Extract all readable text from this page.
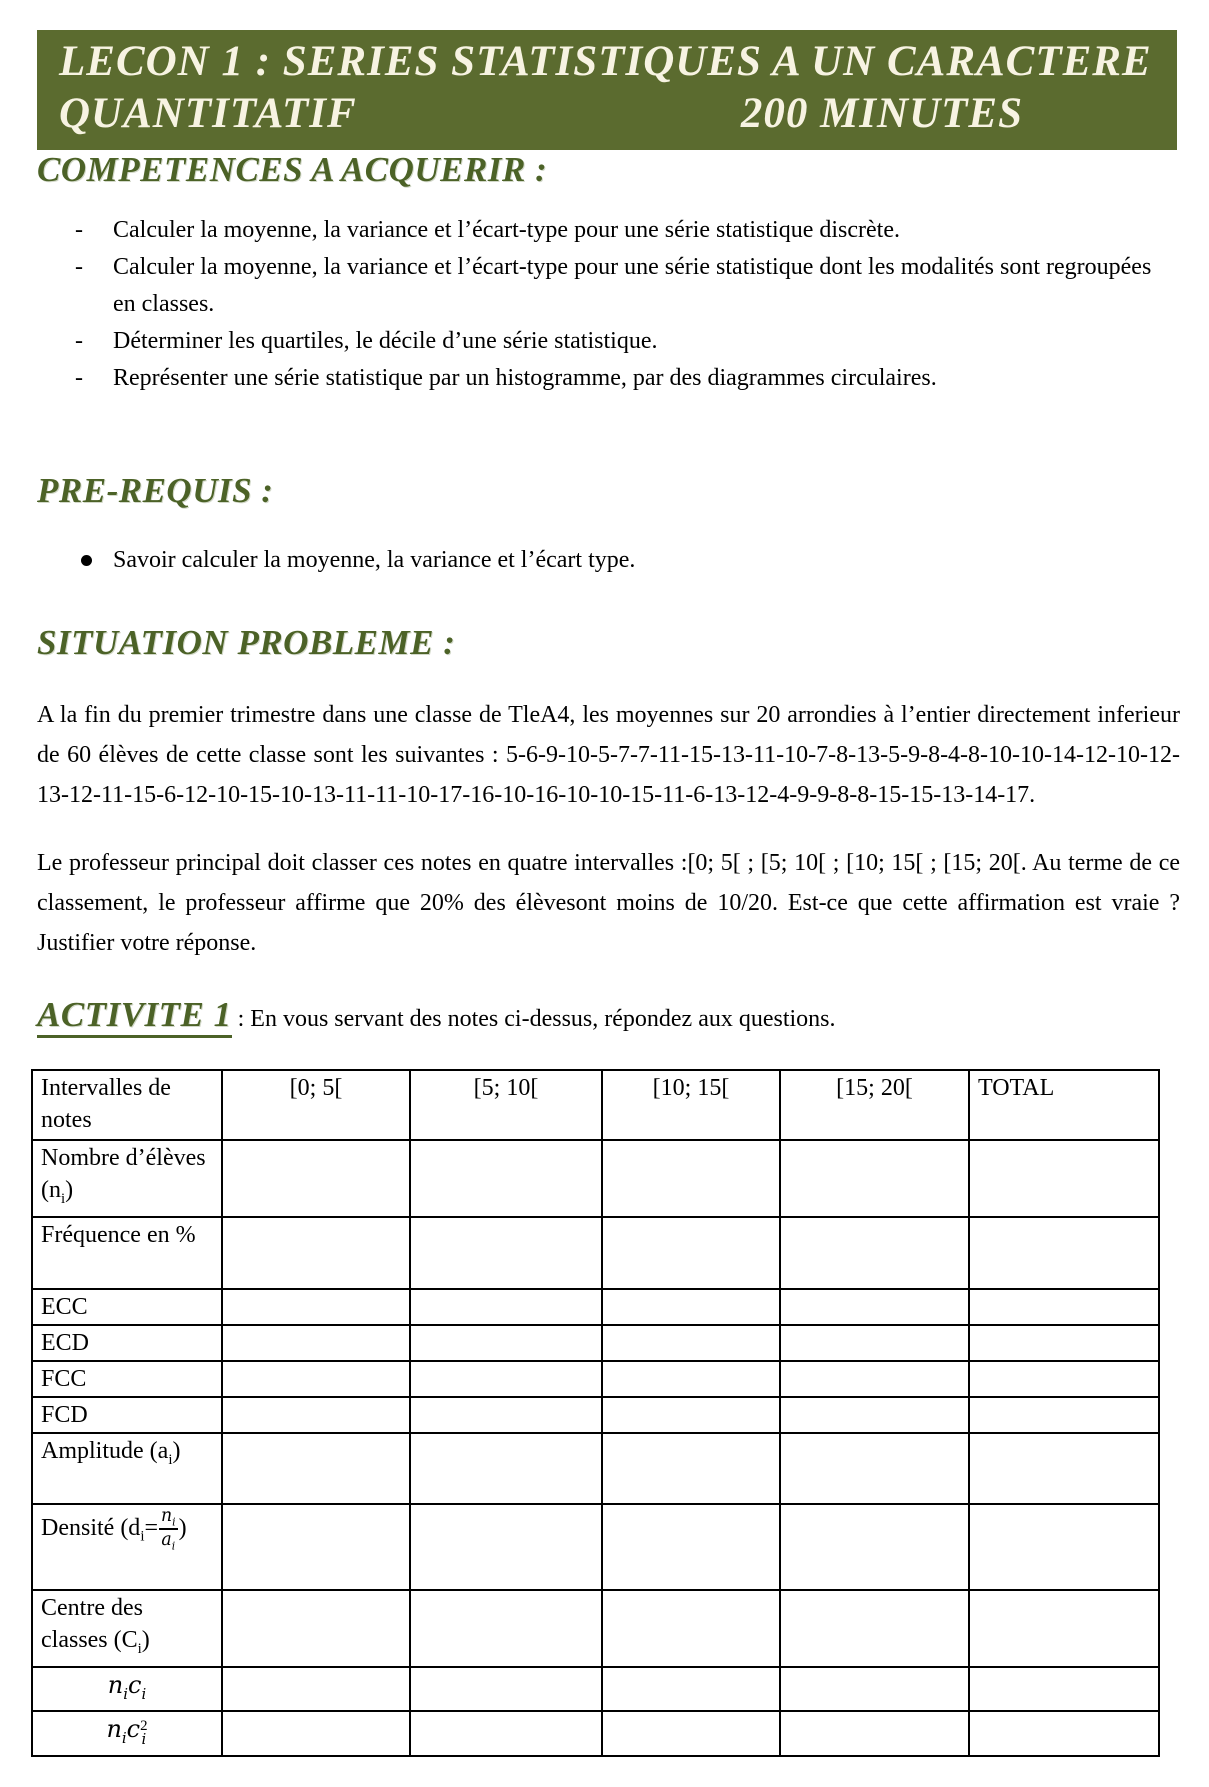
LECON 1 : SERIES STATISTIQUES A UN CARACTERE
QUANTITATIF	200 MINUTES
COMPETENCES A ACQUERIR :
-	Calculer la moyenne, la variance et l’écart-type pour une série statistique discrète.
-	Calculer la moyenne, la variance et l’écart-type pour une série statistique dont les modalités sont regroupées en classes.
-	Déterminer les quartiles, le décile d’une série statistique.
-	Représenter une série statistique par un histogramme, par des diagrammes circulaires.
PRE-REQUIS :
Savoir calculer la moyenne, la variance et l’écart type.
SITUATION PROBLEME :

A la fin du premier trimestre dans une classe de TleA4, les moyennes sur 20 arrondies à l’entier directement inferieur de 60 élèves de cette classe sont les suivantes : 5-6-9-10-5-7-7-11-15-13-11-10-7-8-13-5-9-8-4-8-10-10-14-12-10-12-13-12-11-15-6-12-10-15-10-13-11-11-10-17-16-10-16-10-10-15-11-6-13-12-4-9-9-8-8-15-15-13-14-17.

Le professeur principal doit classer ces notes en quatre intervalles :[0; 5[ ; [5; 10[ ; [10; 15[ ; [15; 20[. Au terme de ce classement, le professeur affirme que 20% des élèvesont moins de 10/20. Est-ce que cette affirmation est vraie ? Justifier votre réponse.

ACTIVITE 1 : En vous servant des notes ci-dessus, répondez aux questions.
Intervalles de notes	[0; 5[	[5; 10[	[10; 15[	[15; 20[	TOTAL
Nombre d’élèves $(n_i)$					
Fréquence en %					
ECC					
ECD					
FCC					
FCD					
Amplitude $(a_i)$					
Densité ($d_i= \frac{n_i}{a_i}$ )					
Centre des classes $(C_i)$					
$n_ic_i$					
$n_ic$ 2
i					
